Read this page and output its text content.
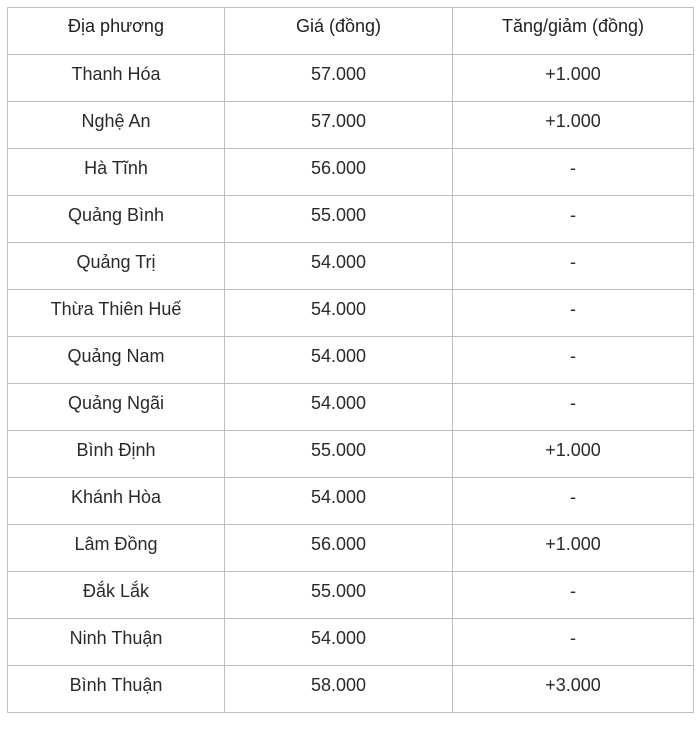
Địa phương	Giá (đồng)	Tăng/giảm (đồng)
Thanh Hóa	57.000	+1.000
Nghệ An	57.000	+1.000
Hà Tĩnh	56.000	-
Quảng Bình	55.000	-
Quảng Trị	54.000	-
Thừa Thiên Huế	54.000	-
Quảng Nam	54.000	-
Quảng Ngãi	54.000	-
Bình Định	55.000	+1.000
Khánh Hòa	54.000	-
Lâm Đồng	56.000	+1.000
Đắk Lắk	55.000	-
Ninh Thuận	54.000	-
Bình Thuận	58.000	+3.000
